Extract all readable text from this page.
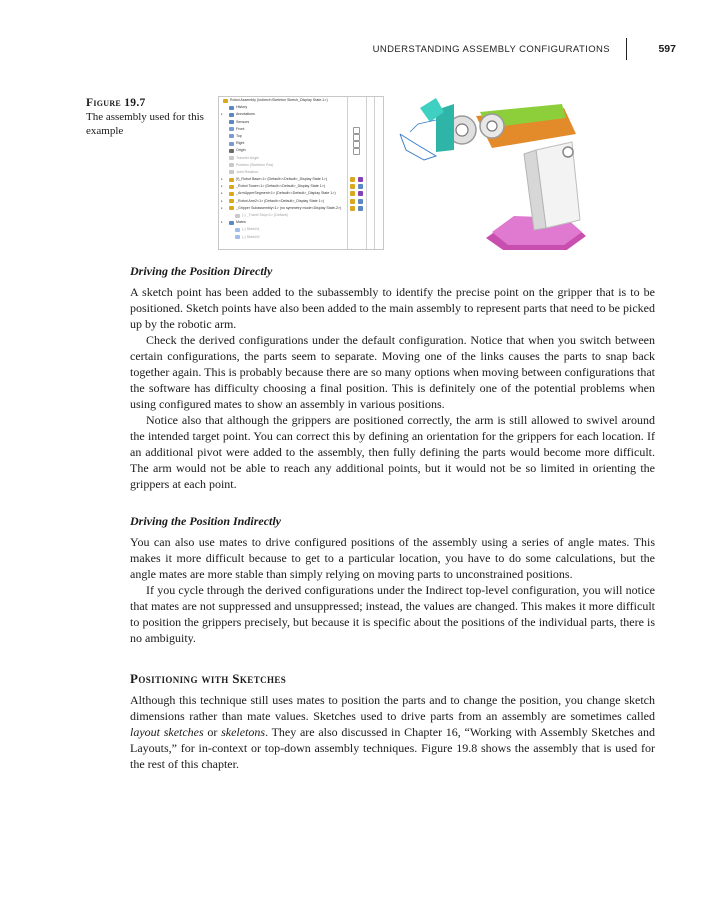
UNDERSTANDING ASSEMBLY CONFIGURATIONS	597
Figure 19.7
The assembly used for this example
Robot Assembly (Indirect<Skeleton Sketch_Display State-1>)
History
▸	Annotations
Sensors
Front
Top
Right
Origin
Traveler Angle
Position (Skeleton Pos)
Joint Rotation
▸	(f)_Robot Base<1> (Default<<Default>_Display State 1>)
▸	_Robot Tower<1> (Default<<Default>_Display State 1>)
▸	_ArmUpperSegment<1> (Default<<Default>_Display State 1>)
▸	_Robot Arm2<1> (Default<<Default>_Display State 1>)
▸	_Gripper Subassembly<1> (no symmetry mode<Display State-2>)
(-) _Travel Stop<1> (Default)
▸	Mates
(-) Sketch1
(-) Sketch2
Driving the Position Directly

A sketch point has been added to the subassembly to identify the precise point on the gripper that is to be positioned. Sketch points have also been added to the main assembly to represent parts that need to be picked up by the robotic arm.

Check the derived configurations under the default configuration. Notice that when you switch between certain configurations, the parts seem to separate. Moving one of the links causes the parts to snap back together again. This is probably because there are so many options when moving between configurations that the software has difficulty choosing a final position. This is definitely one of the potential problems when using configured mates to show an assembly in various positions.

Notice also that although the grippers are positioned correctly, the arm is still allowed to swivel around the intended target point. You can correct this by defining an orientation for the grippers for each location. If an additional pivot were added to the assembly, then fully defining the parts would become more difficult. The arm would not be able to reach any additional points, but it would not be so limited in orienting the grippers at each point.

Driving the Position Indirectly

You can also use mates to drive configured positions of the assembly using a series of angle mates. This makes it more difficult because to get to a particular location, you have to do some calculations, but the angle mates are more stable than simply relying on moving parts to unconstrained positions.

If you cycle through the derived configurations under the Indirect top-level configuration, you will notice that mates are not suppressed and unsuppressed; instead, the values are changed. This makes it more difficult to position the grippers precisely, but because it is specific about the positions of the individual parts, there is no ambiguity.

Positioning with Sketches

Although this technique still uses mates to position the parts and to change the position, you change sketch dimensions rather than mate values. Sketches used to drive parts from an assembly are sometimes called layout sketches or skeletons. They are also discussed in Chapter 16, “Working with Assembly Sketches and Layouts,” for in-context or top-down assembly techniques. Figure 19.8 shows the assembly that is used for the rest of this chapter.
